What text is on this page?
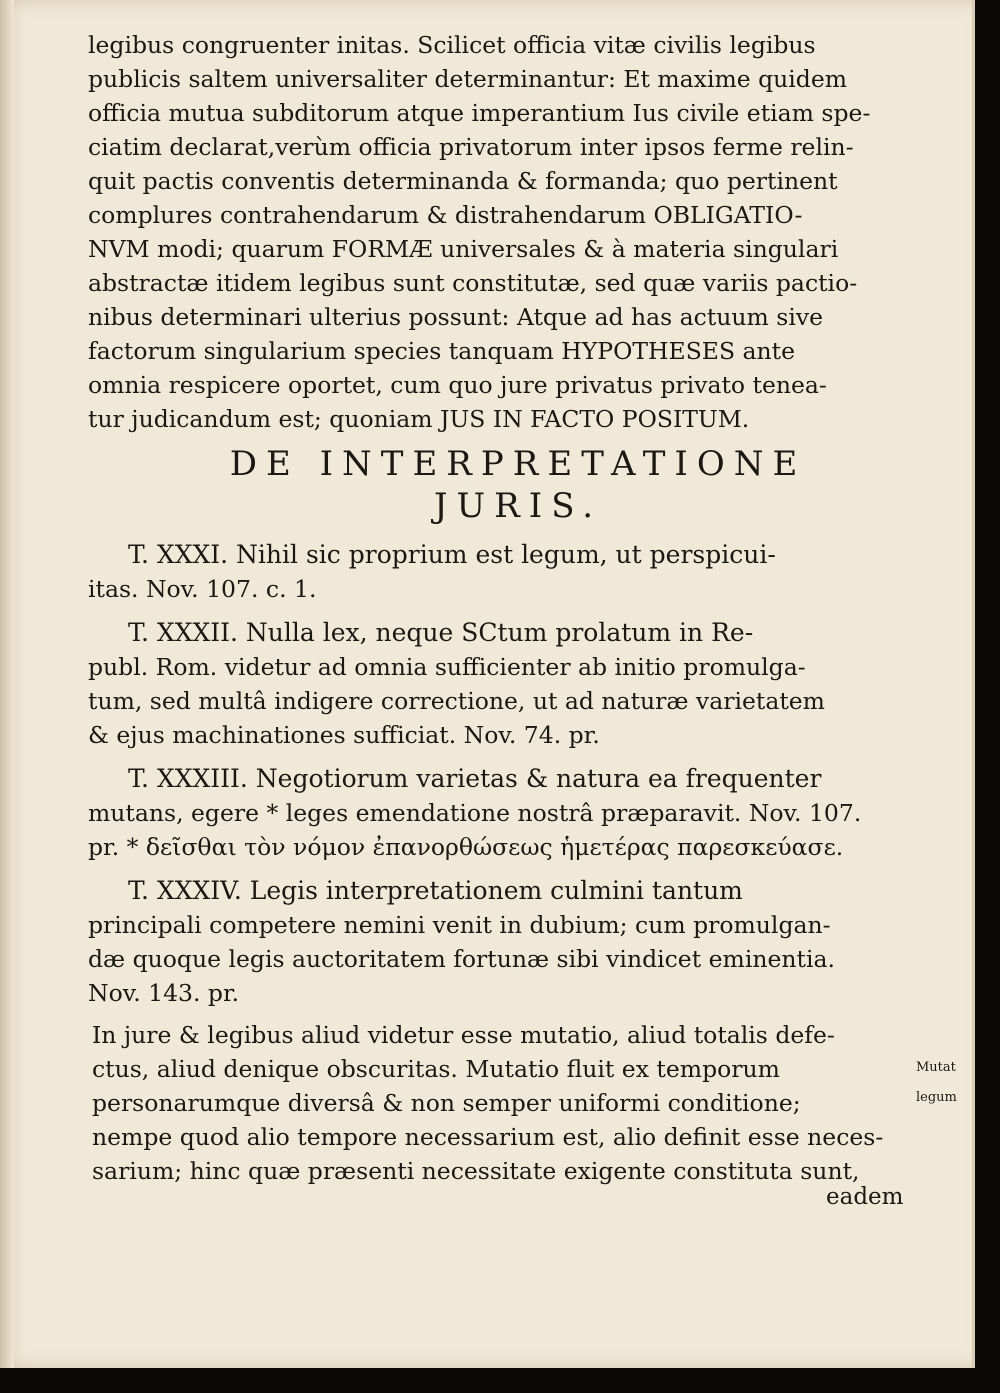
legibus congruenter initas. Scilicet officia vitæ civilis legibus
publicis saltem universaliter determinantur: Et maxime quidem
officia mutua subditorum atque imperantium Ius civile etiam spe-
ciatim declarat,verùm officia privatorum inter ipsos ferme relin-
quit pactis conventis determinanda & formanda; quo pertinent
complures contrahendarum & distrahendarum OBLIGATIO-
NVM modi; quarum FORMÆ universales & à materia singulari
abstractæ itidem legibus sunt constitutæ, sed quæ variis pactio-
nibus determinari ulterius possunt: Atque ad has actuum sive
factorum singularium species tanquam HYPOTHESES ante
omnia respicere oportet, cum quo jure privatus privato tenea-
tur judicandum est; quoniam JUS IN FACTO POSITUM.
DE INTERPRETATIONE
JURIS.
T. XXXI. Nihil sic proprium est legum, ut perspicui-
itas. Nov. 107. c. 1.
T. XXXII. Nulla lex, neque SCtum prolatum in Re-
publ. Rom. videtur ad omnia sufficienter ab initio promulga-
tum, sed multâ indigere correctione, ut ad naturæ varietatem
& ejus machinationes sufficiat. Nov. 74. pr.
T. XXXIII. Negotiorum varietas & natura ea frequenter
mutans, egere * leges emendatione nostrâ præparavit. Nov. 107.
pr. * δεῖσθαι τὸν νόμον ἐπανορθώσεως ἡμετέρας παρεσκεύασε.
T. XXXIV. Legis interpretationem culmini tantum
principali competere nemini venit in dubium; cum promulgan-
dæ quoque legis auctoritatem fortunæ sibi vindicet eminentia.
Nov. 143. pr.
In jure & legibus aliud videtur esse mutatio, aliud totalis defe-
ctus, aliud denique obscuritas. Mutatio fluit ex temporum
personarumque diversâ & non semper uniformi conditione;
nempe quod alio tempore necessarium est, alio definit esse neces-
sarium; hinc quæ præsenti necessitate exigente constituta sunt,
Mutat
legum
eadem
